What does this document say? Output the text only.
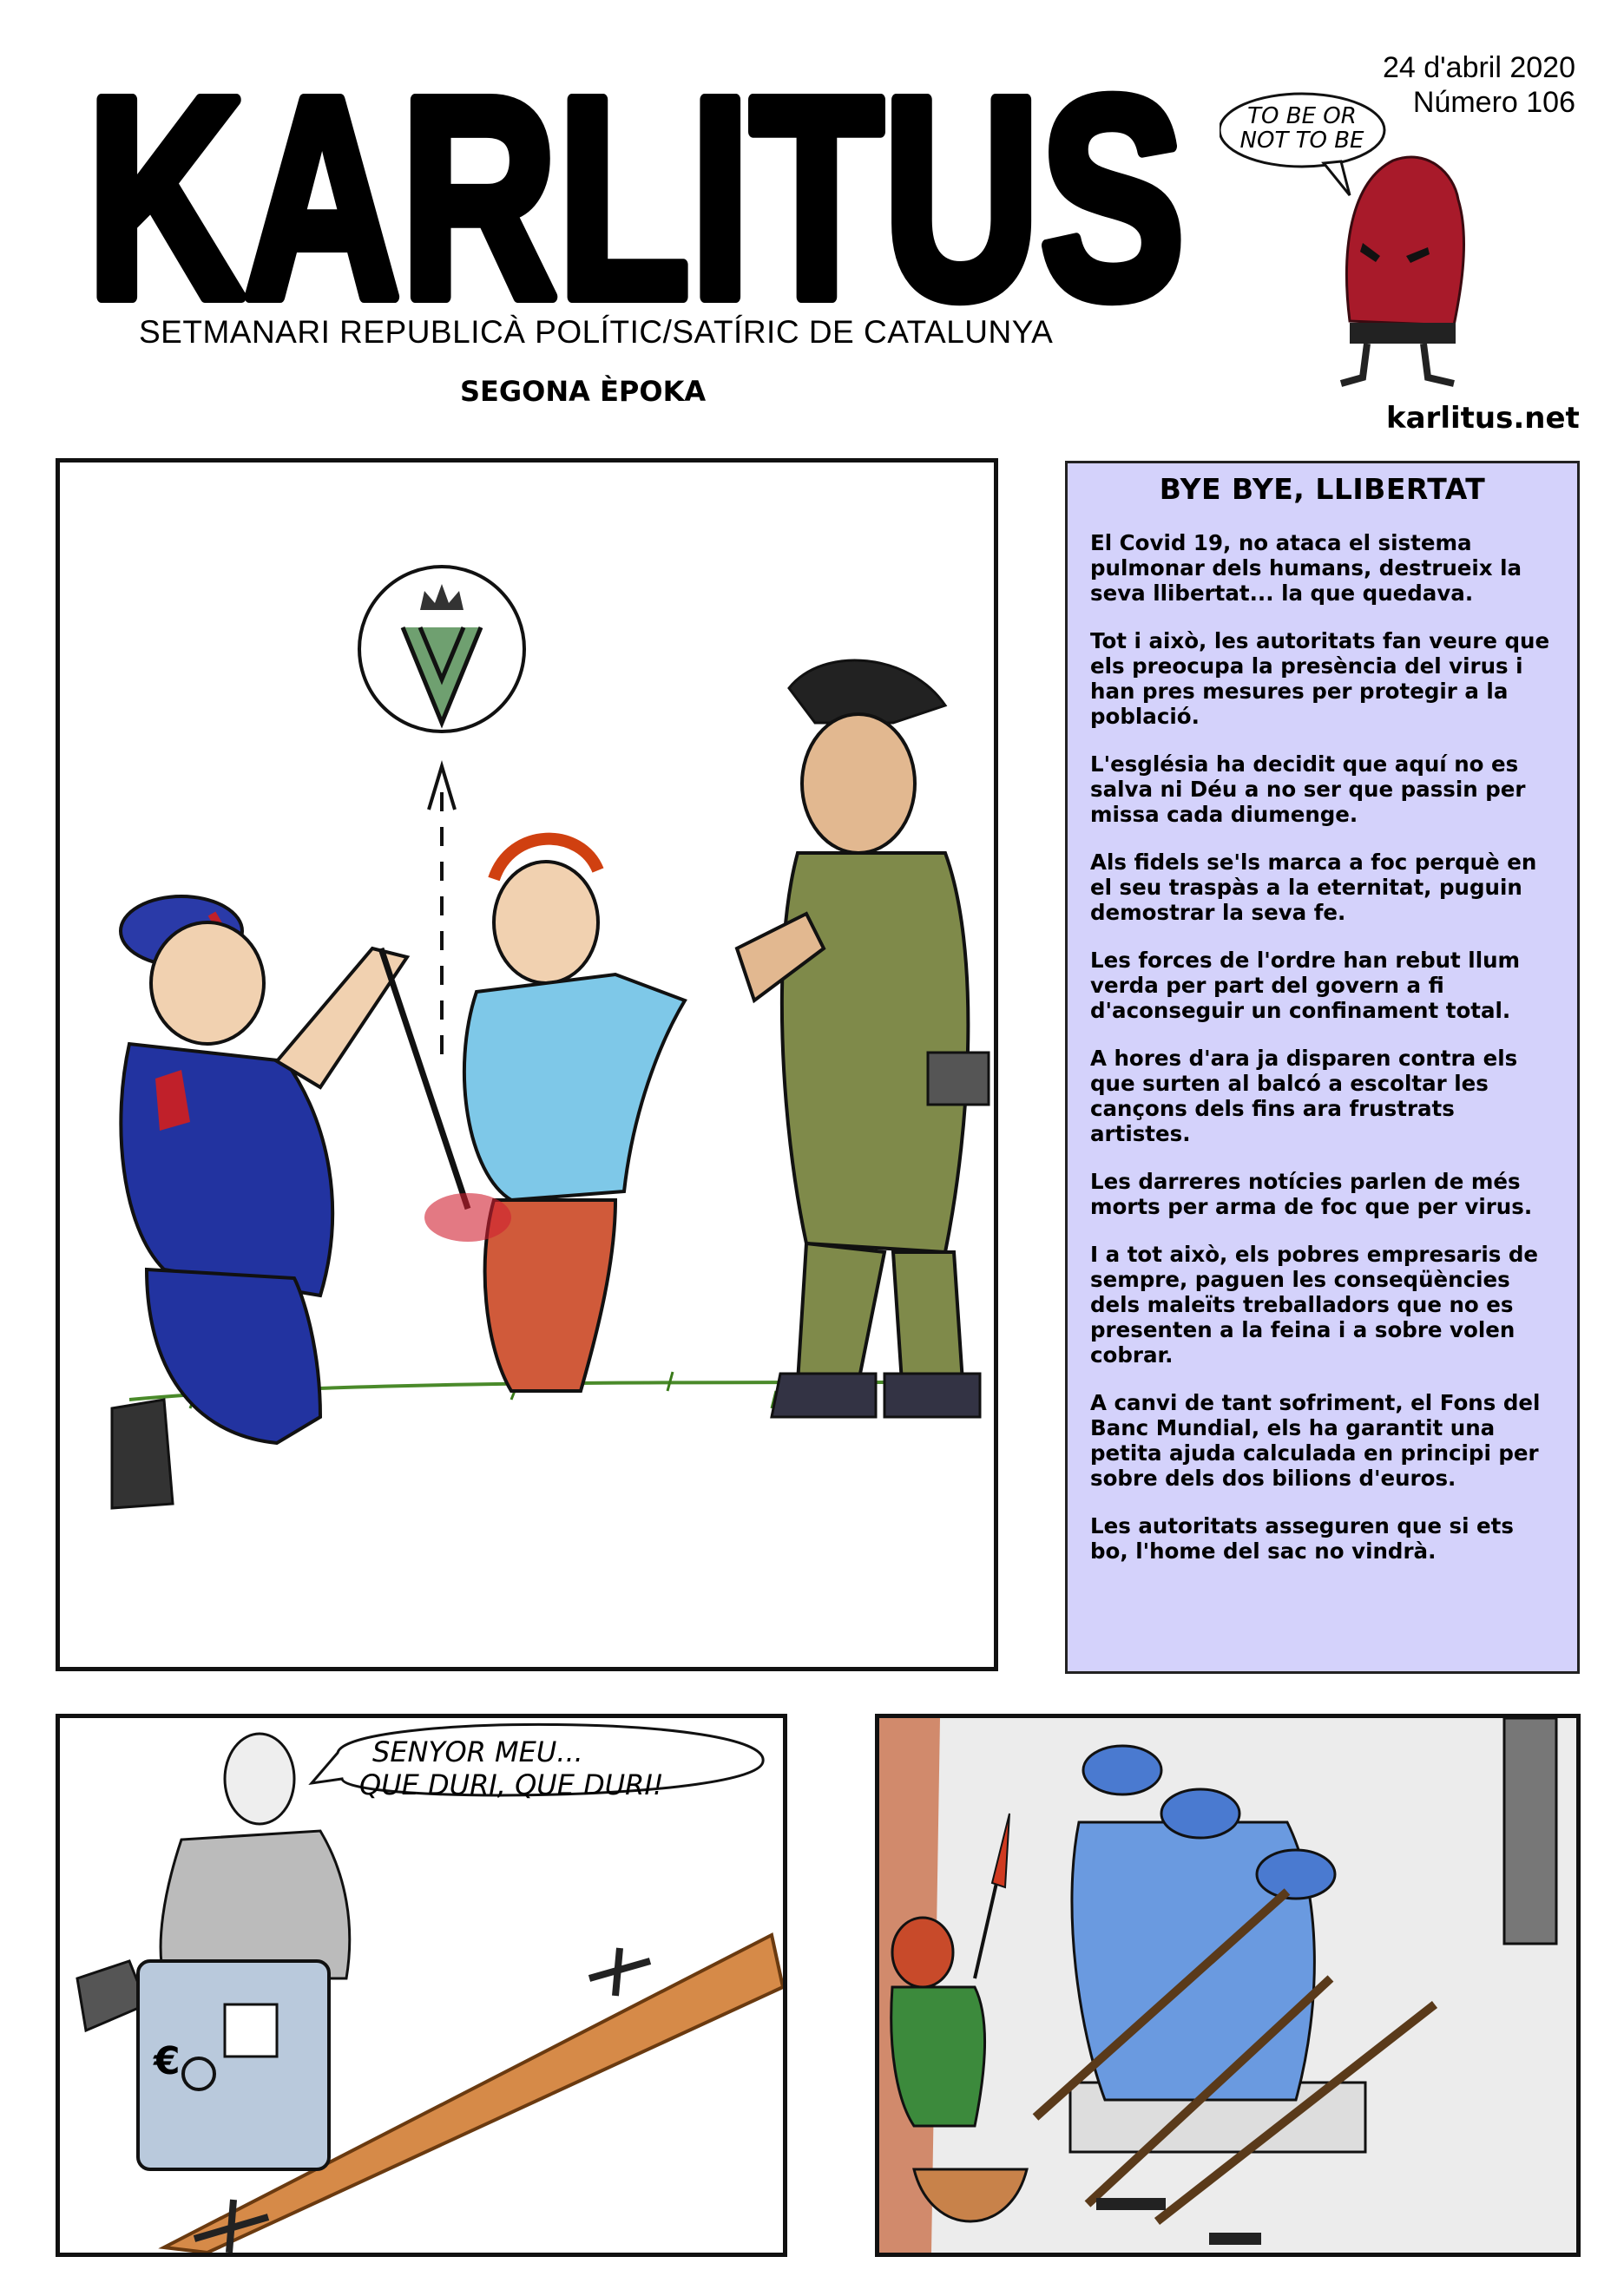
KARLITUS
SETMANARI REPUBLICÀ POLÍTIC/SATÍRIC DE CATALUNYA
SEGONA ÈPOKA
24 d'abril 2020
Número 106
TO BE OR
NOT TO BE
karlitus.net
BYE BYE, LLIBERTAT

El Covid 19, no ataca el sistema pulmonar dels humans, destrueix la seva llibertat... la que quedava.

Tot i això, les autoritats fan veure que els preocupa la presència del virus i han pres mesures per protegir a la població.

L'església ha decidit que aquí no es salva ni Déu a no ser que passin per missa cada diumenge.

Als fidels se'ls marca a foc perquè en el seu traspàs a la eternitat, puguin demostrar la seva fe.

Les forces de l'ordre han rebut llum verda per part del govern a fi d'aconseguir un confinament total.

A hores d'ara ja disparen contra els que surten al balcó a escoltar les cançons dels fins ara frustrats artistes.

Les darreres notícies parlen de més morts per arma de foc que per virus.

I a tot això, els pobres empresaris de sempre, paguen les conseqüències dels maleïts treballadors que no es presenten a la feina i a sobre volen cobrar.

A canvi de tant sofriment, el Fons del Banc Mundial, els ha garantit una petita ajuda calculada en principi per sobre dels dos bilions d'euros.

Les autoritats asseguren que si ets bo, l'home del sac no vindrà.

SENYOR MEU...
QUE DURI, QUE DURI!
€
